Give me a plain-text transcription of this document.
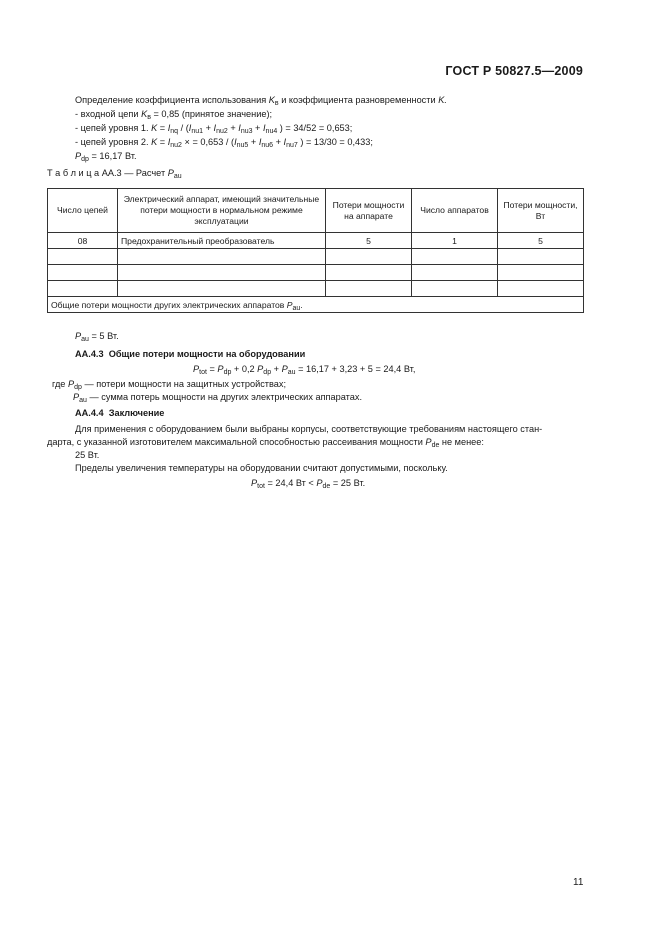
ГОСТ Р 50827.5—2009
Определение коэффициента использования $K_в$ и коэффициента разновременности K.
- входной цепи $K_в = 0,85$ (принятое значение);
- цепей уровня 1. $K = I_{nq} / (I_{nu1} + I_{nu2} + I_{nu3} + I_{nu4}$ ) = 34/52 = 0,653;
- цепей уровня 2. $K = I_{nu2}$ × = $0,653 / (I_{nu5} + I_{nu6} + I_{nu7}$ ) = 13/30 = 0,433;
$P_{dp} = 16,17$ Вт.
Т а б л и ц а АА.3 — Расчет $P_{au}$
Число цепей	Электрический аппарат, имеющий значительные потери мощности в нормальном режиме эксплуатации	Потери мощности на аппарате	Число аппаратов	Потери мощности, Вт
08	Предохранительный преобразователь	5	1	5

Общие потери мощности других электрических аппаратов $P_{au}$.				
$P_{au} = 5$ Вт.
АА.4.3 Общие потери мощности на оборудовании
$P_{tot} = P_{dp} + 0,2$ $P_{dp} + P_{au} = 16,17 + 3,23 + 5 = 24,4$ Вт,
где $P_{dp}$ — потери мощности на защитных устройствах;
$P_{au}$ — сумма потерь мощности на других электрических аппаратах.
АА.4.4 Заключение
Для применения с оборудованием были выбраны корпусы, соответствующие требованиям настоящего стан-
дарта, с указанной изготовителем максимальной способностью рассеивания мощности $P_{de}$ не менее:
25 Вт.
Пределы увеличения температуры на оборудовании считают допустимыми, поскольку.
$P_{tot} = 24,4$ Вт < $P_{de} = 25$ Вт.
11
